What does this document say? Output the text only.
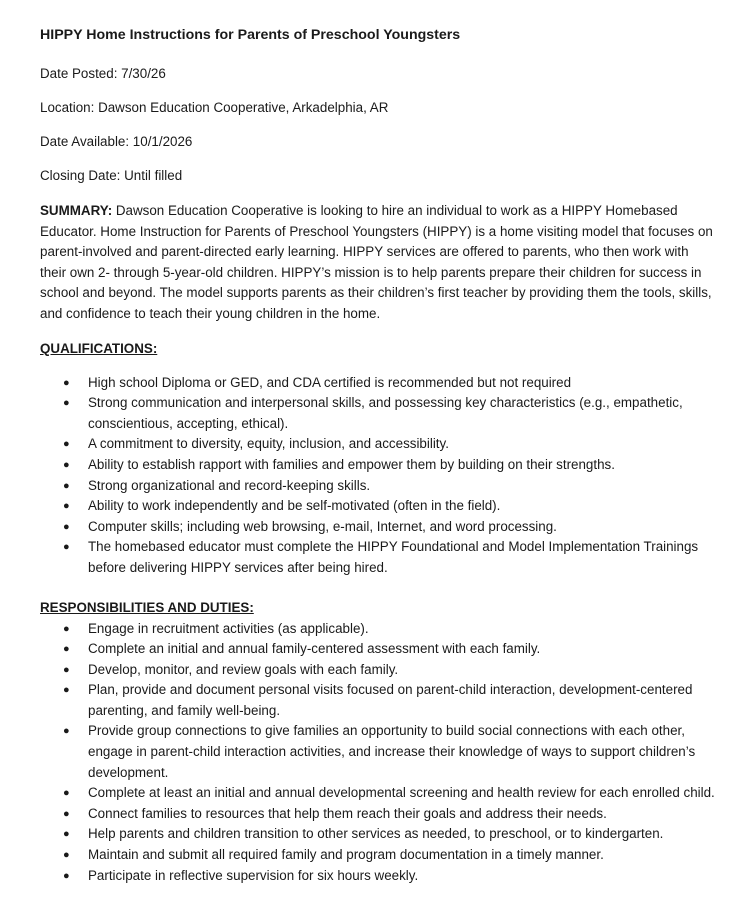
HIPPY Home Instructions for Parents of Preschool Youngsters
Date Posted: 7/30/26
Location: Dawson Education Cooperative, Arkadelphia, AR
Date Available: 10/1/2026
Closing Date: Until filled
SUMMARY: Dawson Education Cooperative is looking to hire an individual to work as a HIPPY Homebased Educator. Home Instruction for Parents of Preschool Youngsters (HIPPY) is a home visiting model that focuses on parent-involved and parent-directed early learning. HIPPY services are offered to parents, who then work with their own 2- through 5-year-old children. HIPPY’s mission is to help parents prepare their children for success in school and beyond. The model supports parents as their children’s first teacher by providing them the tools, skills, and confidence to teach their young children in the home.
QUALIFICATIONS:
● High school Diploma or GED, and CDA certified is recommended but not required
● Strong communication and interpersonal skills, and possessing key characteristics (e.g., empathetic, conscientious, accepting, ethical).
● A commitment to diversity, equity, inclusion, and accessibility.
● Ability to establish rapport with families and empower them by building on their strengths.
● Strong organizational and record-keeping skills.
● Ability to work independently and be self-motivated (often in the field).
● Computer skills; including web browsing, e-mail, Internet, and word processing.
● The homebased educator must complete the HIPPY Foundational and Model Implementation Trainings before delivering HIPPY services after being hired.
RESPONSIBILITIES AND DUTIES:
● Engage in recruitment activities (as applicable).
● Complete an initial and annual family-centered assessment with each family.
● Develop, monitor, and review goals with each family.
● Plan, provide and document personal visits focused on parent-child interaction, development-centered parenting, and family well-being.
● Provide group connections to give families an opportunity to build social connections with each other, engage in parent-child interaction activities, and increase their knowledge of ways to support children’s development.
● Complete at least an initial and annual developmental screening and health review for each enrolled child.
● Connect families to resources that help them reach their goals and address their needs.
● Help parents and children transition to other services as needed, to preschool, or to kindergarten.
● Maintain and submit all required family and program documentation in a timely manner.
● Participate in reflective supervision for six hours weekly.
